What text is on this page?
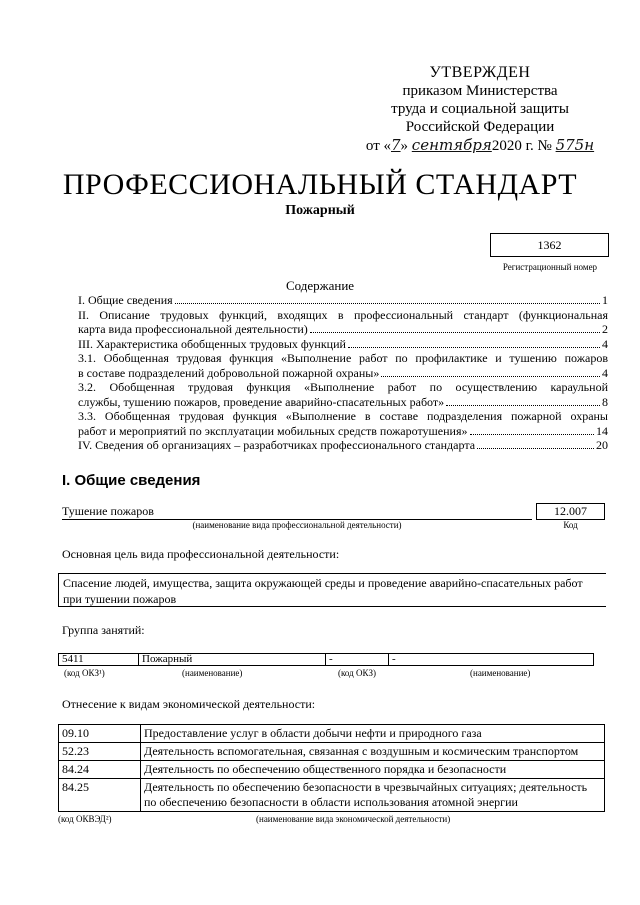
УТВЕРЖДЕН
приказом Министерства
труда и социальной защиты
Российской Федерации
от «7» сентября2020 г. № 575н
ПРОФЕССИОНАЛЬНЫЙ СТАНДАРТ
Пожарный
1362
Регистрационный номер
Содержание
I. Общие сведения	1
II. Описание трудовых функций, входящих в профессиональный стандарт (функциональная
карта вида профессиональной деятельности)	2
III. Характеристика обобщенных трудовых функций	4
3.1. Обобщенная трудовая функция «Выполнение работ по профилактике и тушению пожаров
в составе подразделений добровольной пожарной охраны»	4
3.2. Обобщенная трудовая функция «Выполнение работ по осуществлению караульной
службы, тушению пожаров, проведение аварийно-спасательных работ»	8
3.3. Обобщенная трудовая функция «Выполнение в составе подразделения пожарной охраны
работ и мероприятий по эксплуатации мобильных средств пожаротушения»	14
IV. Сведения об организациях – разработчиках профессионального стандарта	20
I. Общие сведения
Тушение пожаров
(наименование вида профессиональной деятельности)
12.007
Код
Основная цель вида профессиональной деятельности:
Спасение людей, имущества, защита окружающей среды и проведение аварийно-спасательных работ при тушении пожаров
Группа занятий:
5411	Пожарный	-	-
(код ОКЗ¹)	(наименование)	(код ОКЗ)	(наименование)
Отнесение к видам экономической деятельности:
09.10	Предоставление услуг в области добычи нефти и природного газа
52.23	Деятельность вспомогательная, связанная с воздушным и космическим транспортом
84.24	Деятельность по обеспечению общественного порядка и безопасности
84.25	Деятельность по обеспечению безопасности в чрезвычайных ситуациях; деятельность по обеспечению безопасности в области использования атомной энергии
(код ОКВЭД²)	(наименование вида экономической деятельности)
